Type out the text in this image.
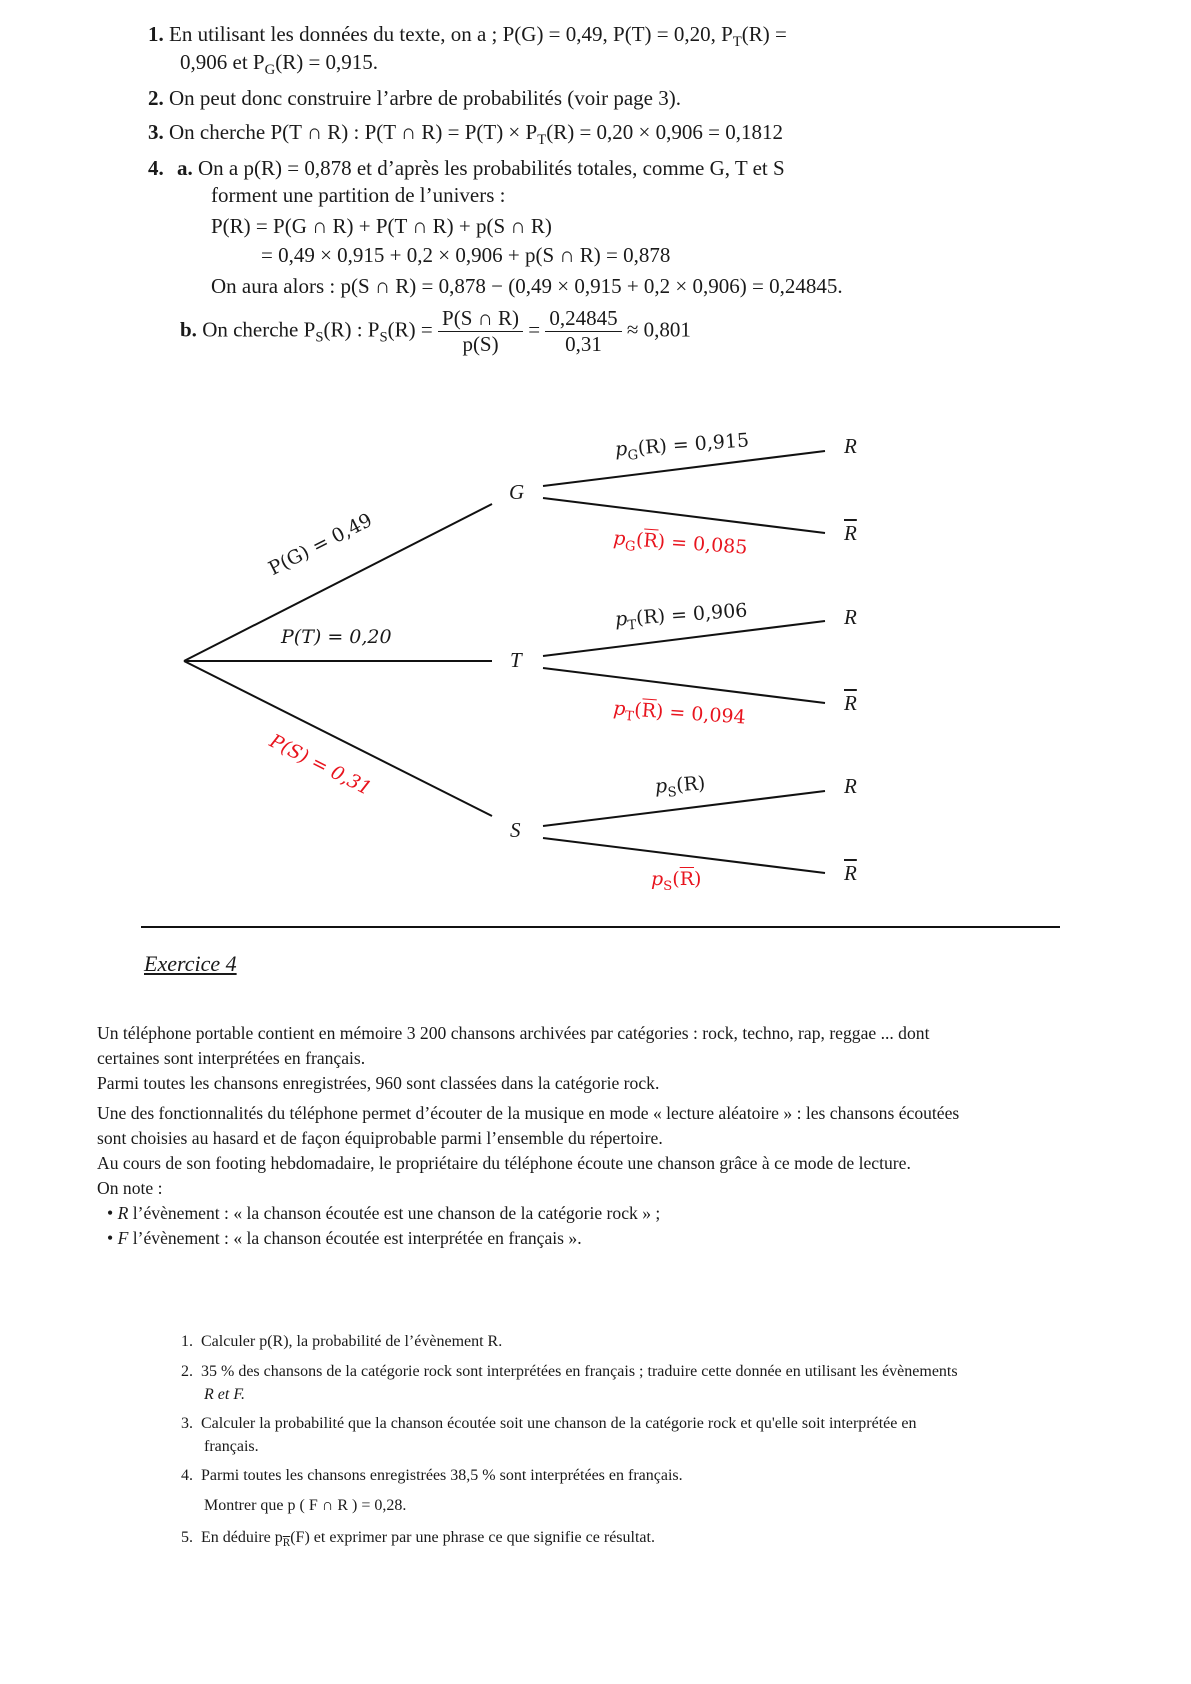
1. En utilisant les données du texte, on a ; P(G) = 0,49, P(T) = 0,20, $P_T(R)$ =
0,906 et $P_G(R) = 0,915$.
2. On peut donc construire l’arbre de probabilités (voir page 3).
3. On cherche P(T ∩ R) : P(T ∩ $R) = P(T) \times P_T(R) = 0,20 \times 0,906 = 0,1812$
4. a. On a p(R) = 0,878 et d’après les probabilités totales, comme G, T et S
forment une partition de l’univers :
P(R) = P(G ∩ R) + P(T ∩ R) + p(S ∩ R)
= 0,49 × 0,915 + 0,2 × 0,906 + p(S ∩ R) = 0,878
On aura alors : p(S ∩ R) = 0,878 − (0,49 × 0,915 + 0,2 × 0,906) = 0,24845.
b. On cherche $P_S(R)$ : $P_S(R) = \frac{P(S \cap R)}{p(S)} = \frac{0,24845}{0,31} \approx 0,801$
P(G) = 0,49
P(T) = 0,20
P(S) = 0,31
G
T
S
R
$\overline{R}$
R
$\overline{R}$
R
$\overline{R}$
$p_G(R) = 0,915$
$p_G(\overline{R}) = 0,085$
$p_T(R) = 0,906$
$p_T(\overline{R}) = 0,094$
$p_S(R)$
$p_S(\overline{R})$
Exercice 4
Un téléphone portable contient en mémoire 3 200 chansons archivées par catégories : rock, techno, rap, reggae ... dont
certaines sont interprétées en français.
Parmi toutes les chansons enregistrées, 960 sont classées dans la catégorie rock.
Une des fonctionnalités du téléphone permet d’écouter de la musique en mode « lecture aléatoire » : les chansons écoutées
sont choisies au hasard et de façon équiprobable parmi l’ensemble du répertoire.
Au cours de son footing hebdomadaire, le propriétaire du téléphone écoute une chanson grâce à ce mode de lecture.
On note :
• R l’évènement : « la chanson écoutée est une chanson de la catégorie rock » ;
• F l’évènement : « la chanson écoutée est interprétée en français ».
1. Calculer p(R), la probabilité de l’évènement R.
2. 35 % des chansons de la catégorie rock sont interprétées en français ; traduire cette donnée en utilisant les évènements
R et F.
3. Calculer la probabilité que la chanson écoutée soit une chanson de la catégorie rock et qu'elle soit interprétée en
français.
4. Parmi toutes les chansons enregistrées 38,5 % sont interprétées en français.
Montrer que p ( F ∩ R ) = 0,28.
5. En déduire $p_{\overline{R}}(F)$ et exprimer par une phrase ce que signifie ce résultat.
